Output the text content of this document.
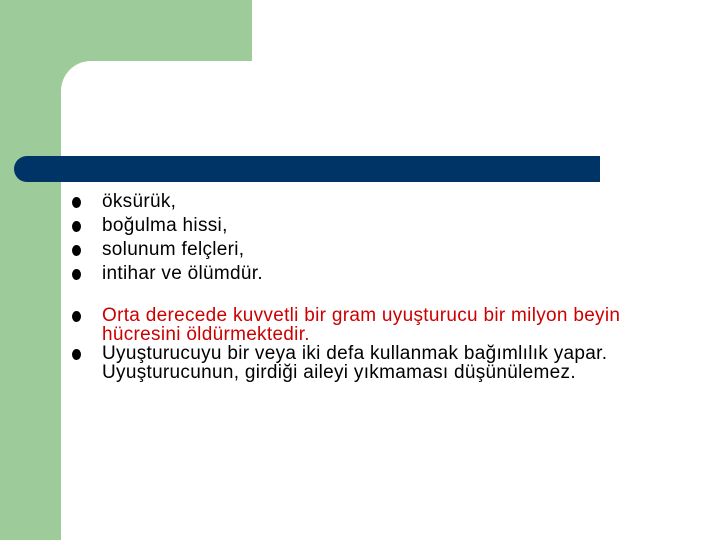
öksürük,
boğulma hissi,
solunum felçleri,
intihar ve ölümdür.
Orta derecede kuvvetli bir gram uyuşturucu bir milyon beyin hücresini öldürmektedir.
Uyuşturucuyu bir veya iki defa kullanmak bağımlılık yapar. Uyuşturucunun, girdiği aileyi yıkmaması düşünülemez.
